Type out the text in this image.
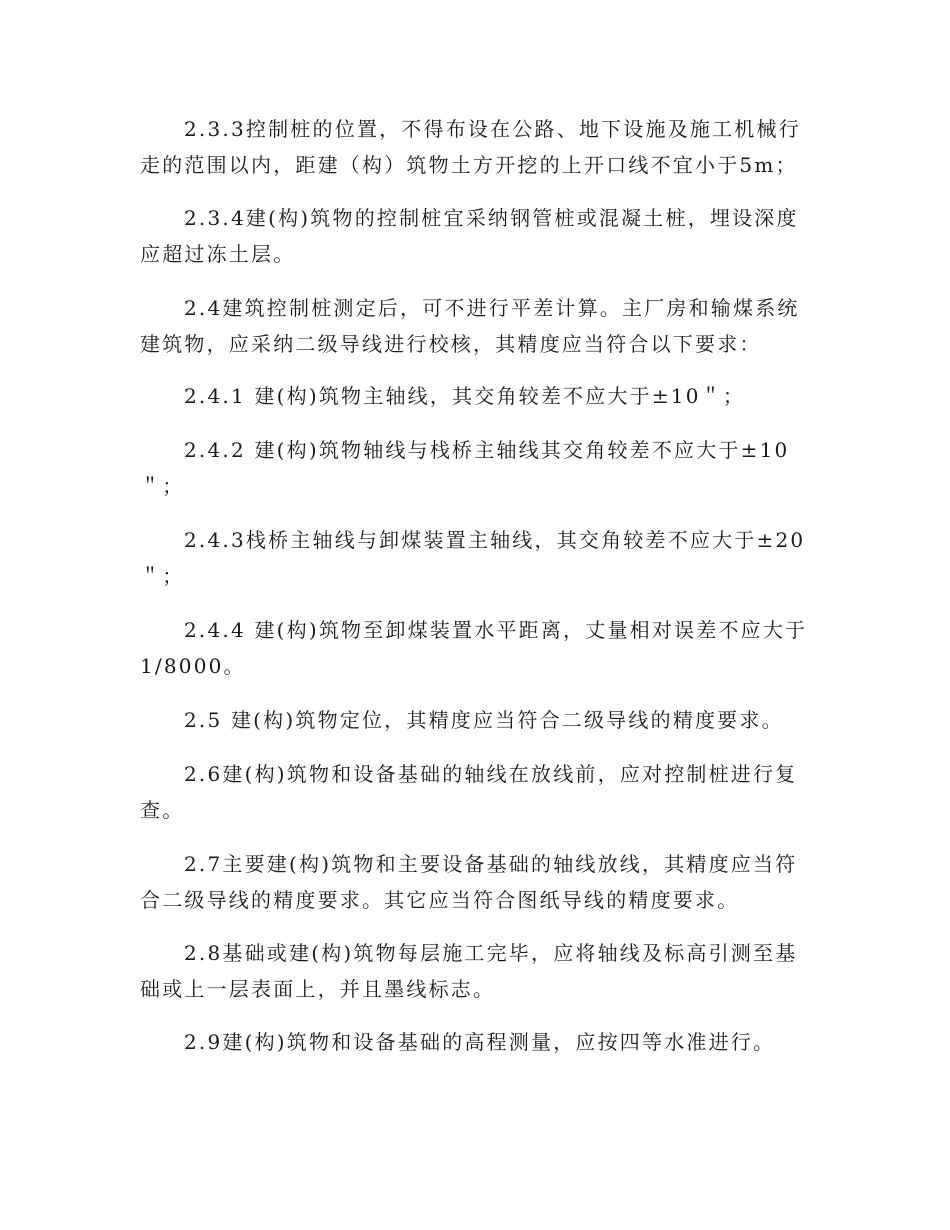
2.3.3控制桩的位置，不得布设在公路、地下设施及施工机械行走的范围以内，距建（构）筑物土方开挖的上开口线不宜小于5m；

2.3.4建(构)筑物的控制桩宜采纳钢管桩或混凝土桩，埋设深度应超过冻土层。

2.4建筑控制桩测定后，可不进行平差计算。主厂房和输煤系统建筑物，应采纳二级导线进行校核，其精度应当符合以下要求：

2.4.1 建(构)筑物主轴线，其交角较差不应大于±10＂；

2.4.2 建(构)筑物轴线与栈桥主轴线其交角较差不应大于±10 ＂；

2.4.3栈桥主轴线与卸煤装置主轴线，其交角较差不应大于±20 ＂；

2.4.4 建(构)筑物至卸煤装置水平距离，丈量相对误差不应大于1/8000。

2.5 建(构)筑物定位，其精度应当符合二级导线的精度要求。

2.6建(构)筑物和设备基础的轴线在放线前，应对控制桩进行复查。

2.7主要建(构)筑物和主要设备基础的轴线放线，其精度应当符合二级导线的精度要求。其它应当符合图纸导线的精度要求。

2.8基础或建(构)筑物每层施工完毕，应将轴线及标高引测至基础或上一层表面上，并且墨线标志。

2.9建(构)筑物和设备基础的高程测量，应按四等水准进行。
